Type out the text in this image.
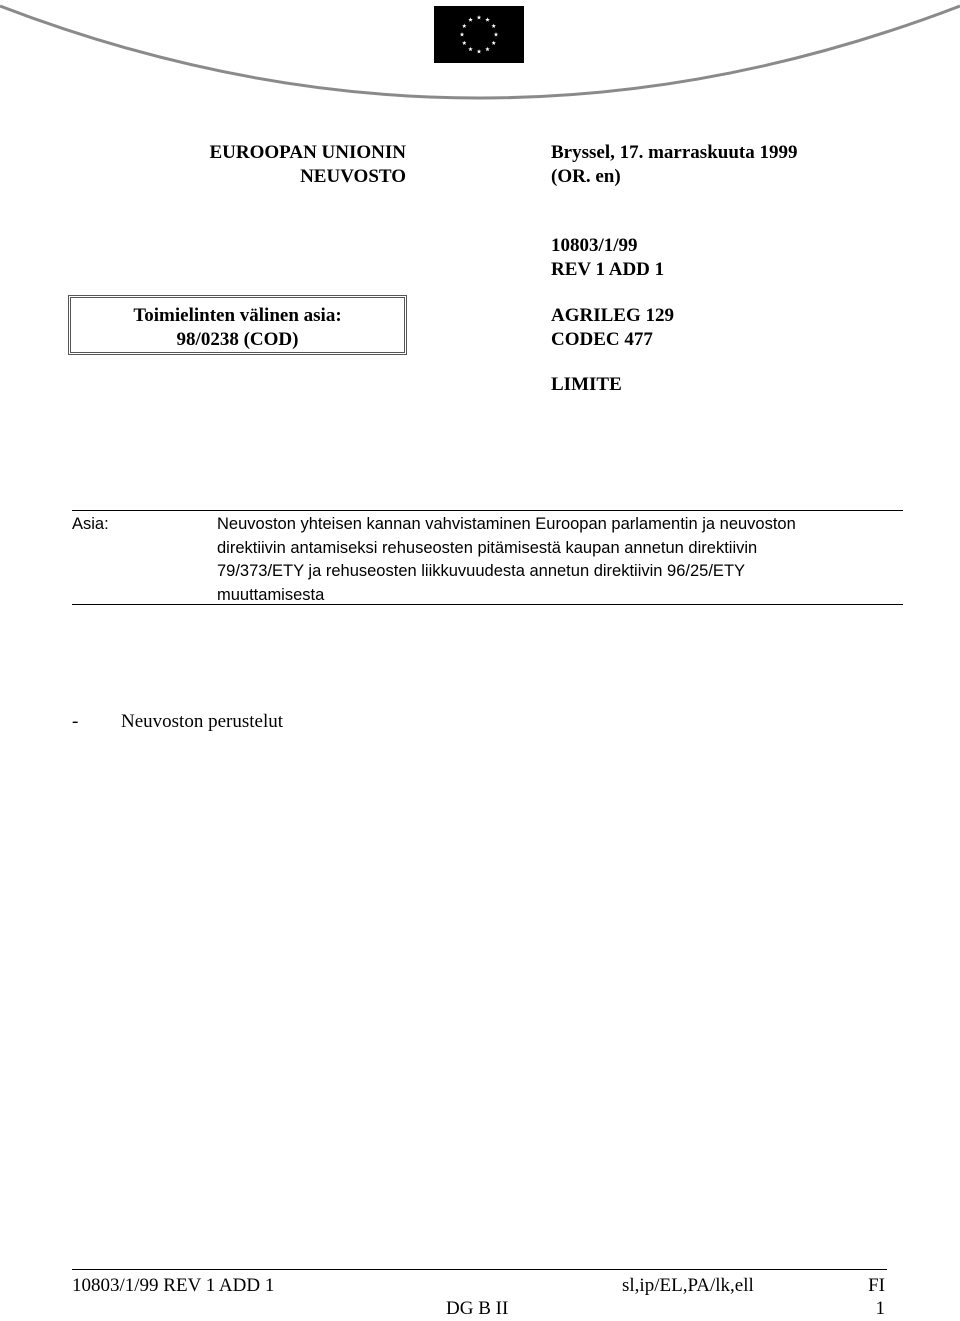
EUROOPAN UNIONIN
NEUVOSTO
Bryssel, 17. marraskuuta 1999
(OR. en)
10803/1/99
REV 1 ADD 1
Toimielinten välinen asia:
98/0238 (COD)
AGRILEG 129
CODEC 477
LIMITE
Asia:	Neuvoston yhteisen kannan vahvistaminen Euroopan parlamentin ja neuvoston
direktiivin antamiseksi rehuseosten pitämisestä kaupan annetun direktiivin
79/373/ETY ja rehuseosten liikkuvuudesta annetun direktiivin 96/25/ETY
muuttamisesta
- Neuvoston perustelut
10803/1/99 REV 1 ADD 1	sl,ip/EL,PA/lk,ell	FI
DG B II	1
